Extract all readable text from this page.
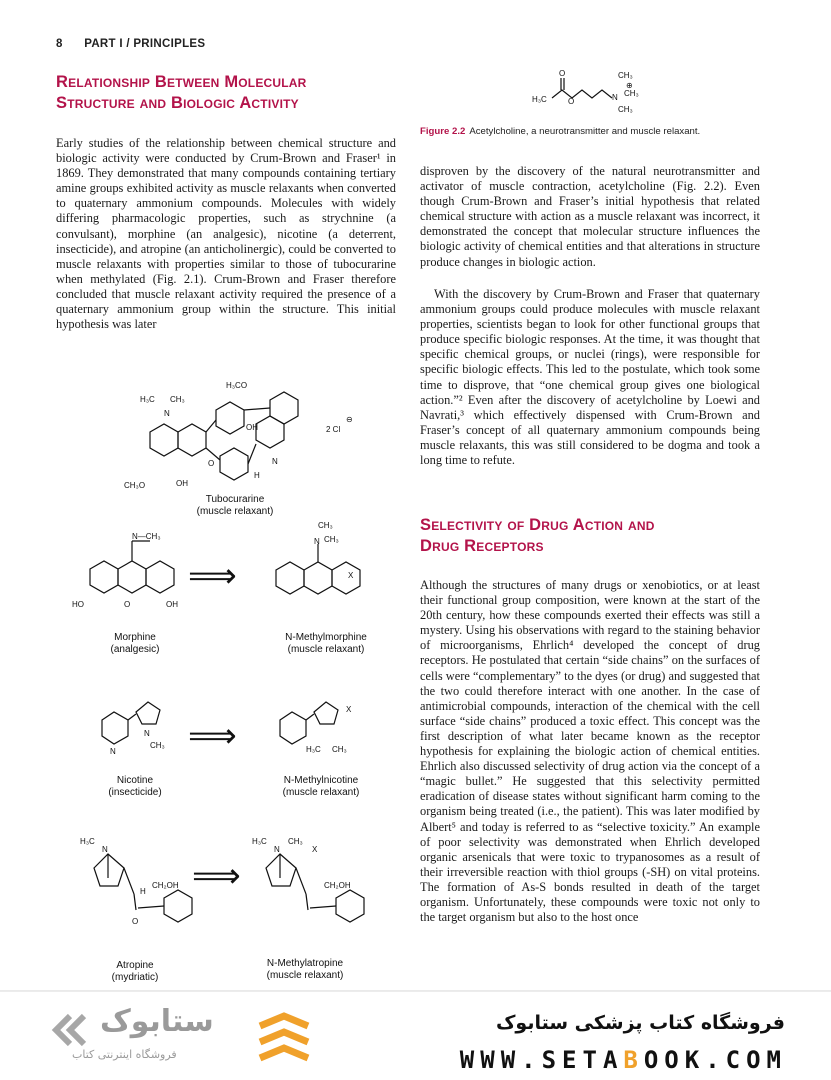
8 PART I / PRINCIPLES
Relationship Between Molecular
Structure and Biologic Activity

Early studies of the relationship between chemical structure and biologic activity were conducted by Crum-Brown and Fraser¹ in 1869. They demonstrated that many compounds containing tertiary amine groups exhibited activity as muscle relaxants when converted to quaternary ammonium compounds. Molecules with widely differing pharmacologic properties, such as strychnine (a convulsant), morphine (an analgesic), nicotine (a deterrent, insecticide), and atropine (an anticholinergic), could be converted to muscle relaxants with properties similar to those of tubocurarine when methylated (Fig. 2.1). Crum-Brown and Fraser therefore concluded that muscle relaxant activity required the presence of a quaternary ammonium group within the structure. This initial hypothesis was later

H₃C
O
O	N
CH₃
CH₃
CH₃
⊕
Figure 2.2 Acetylcholine, a neurotransmitter and muscle relaxant.

disproven by the discovery of the natural neurotransmitter and activator of muscle contraction, acetylcholine (Fig. 2.2). Even though Crum-Brown and Fraser’s initial hypothesis that related chemical structure with action as a muscle relaxant was incorrect, it demonstrated the concept that molecular structure influences the biologic activity of chemical entities and that alterations in structure produce changes in biologic action.

With the discovery by Crum-Brown and Fraser that quaternary ammonium groups could produce molecules with muscle relaxant properties, scientists began to look for other functional groups that produce specific biologic responses. At the time, it was thought that specific chemical groups, or nuclei (rings), were responsible for specific biologic effects. This led to the postulate, which took some time to disprove, that “one chemical group gives one biological action.”² Even after the discovery of acetylcholine by Loewi and Navrati,³ which effectively dispensed with Crum-Brown and Fraser’s concept of all quaternary ammonium compounds being muscle relaxants, this was still considered to be dogma and took a long time to refute.

Selectivity of Drug Action and
Drug Receptors

Although the structures of many drugs or xenobiotics, or at least their functional group composition, were known at the start of the 20th century, how these compounds exerted their effects was still a mystery. Using his observations with regard to the staining behavior of microorganisms, Ehrlich⁴ developed the concept of drug receptors. He postulated that certain “side chains” on the surfaces of cells were “complementary” to the dyes (or drug) and suggested that the two could therefore interact with one another. In the case of antimicrobial compounds, interaction of the chemical with the cell surface “side chains” produced a toxic effect. This concept was the first description of what later became known as the receptor hypothesis for explaining the biologic action of chemical entities. Ehrlich also discussed selectivity of drug action via the concept of a “magic bullet.” He suggested that this selectivity permitted eradication of disease states without significant harm coming to the organism being treated (i.e., the patient). This was later modified by Albert⁵ and today is referred to as “selective toxicity.” An example of poor selectivity was demonstrated when Ehrlich developed organic arsenicals that were toxic to trypanosomes as a result of their irreversible reaction with thiol groups (-SH) on vital proteins. The formation of As-S bonds resulted in death of the target organism. Unfortunately, these compounds were toxic not only to the target organism but also to the host once

H₃C CH₃
N
OH
H₃CO
N
H
CH₃O	OH
O
2 Cl
⊖
Tubocurarine
(muscle relaxant)
N—CH₃
HO	O	OH
Morphine
(analgesic)
⟹
CH₃
N CH₃
X
N-Methylmorphine
(muscle relaxant)
N
N
CH₃
Nicotine
(insecticide)
⟹	H₃C CH₃
X
N-Methylnicotine
(muscle relaxant)
H₃C
N
H
CH₂OH
O
Atropine
(mydriatic)
⟹
H₃C
N
CH₃
X
CH₂OH
N-Methylatropine
(muscle relaxant)
ستابوک
فروشگاه اینترنتی کتاب
فروشگاه کتاب پزشکی ستابوک
WWW.SETABOOK.COM
